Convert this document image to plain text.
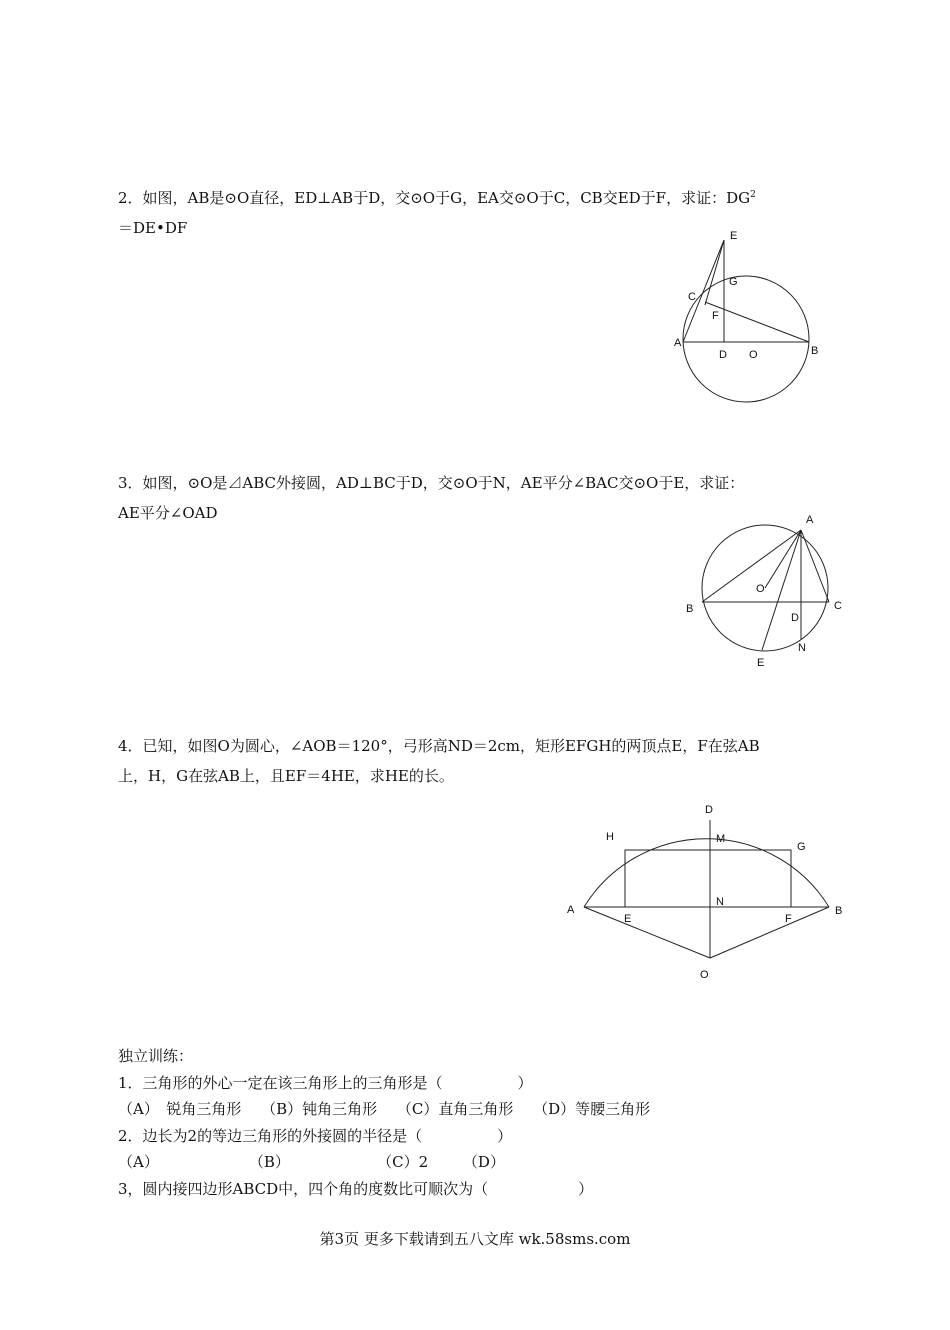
2．如图，AB是⊙O直径，ED⊥AB于D，交⊙O于G，EA交⊙O于C，CB交ED于F，求证：$DG^2$
＝DE•DF	E
G
C
F
A
D O	B

3．如图，⊙O是⊿ABC外接圆，AD⊥BC于D，交⊙O于N，AE平分∠BAC交⊙O于E，求证：
AE平分∠OAD	A
O
B	C
D
E
N

4．已知，如图O为圆心，∠AOB＝120°，弓形高ND＝2cm，矩形EFGH的两顶点E，F在弦AB
上，H，G在弦AB上，且EF＝4HE，求HE的长。

D
H	M
G
A
E
N
F
B
O

独立训练：

1．三角形的外心一定在该三角形上的三角形是（　　　　　）

（A）　锐角三角形　 （B）钝角三角形　 （C）直角三角形　 （D）等腰三角形

2．边长为2的等边三角形的外接圆的半径是（　　　　　）

（A）　　　　　　　（B）　　　　　　 （C）2　　 （D）

3，圆内接四边形ABCD中，四个角的度数比可顺次为（　　　　　　）

第3页 更多下载请到五八文库 wk.58sms.com
